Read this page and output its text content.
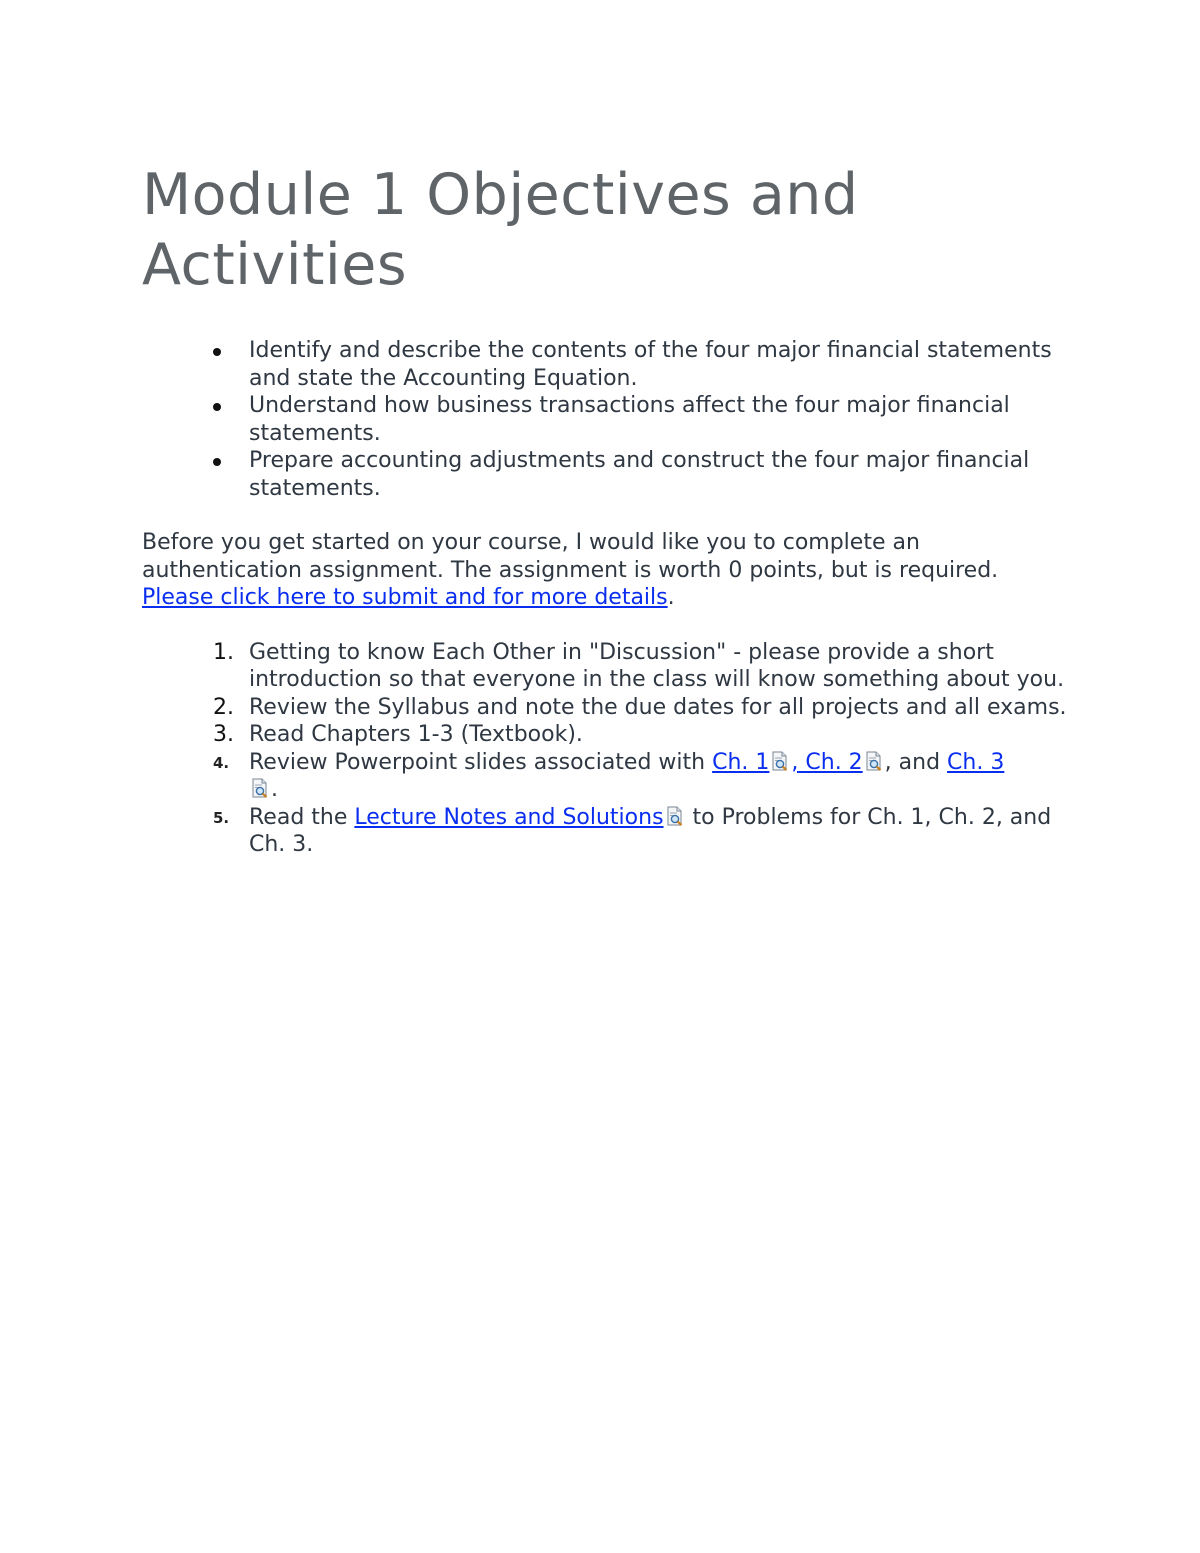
Module 1 Objectives and Activities
Identify and describe the contents of the four major financial statements and state the Accounting Equation.
Understand how business transactions affect the four major financial statements.
Prepare accounting adjustments and construct the four major financial statements.

Before you get started on your course, I would like you to complete an authentication assignment. The assignment is worth 0 points, but is required. Please click here to submit and for more details.

1. Getting to know Each Other in "Discussion" - please provide a short introduction so that everyone in the class will know something about you.
2. Review the Syllabus and note the due dates for all projects and all exams.
3. Read Chapters 1-3 (Textbook).
4. Review Powerpoint slides associated with Ch. 1 , Ch. 2 , and Ch. 3

.
5. Read the Lecture Notes and Solutions
to Problems for Ch. 1, Ch. 2, and Ch. 3.
